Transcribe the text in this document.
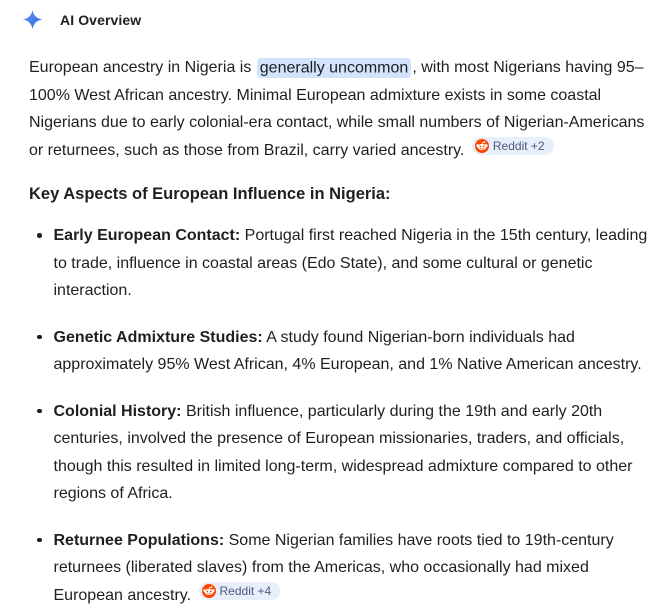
AI Overview

European ancestry in Nigeria is generally uncommon , with most Nigerians having 95–100% West African ancestry. Minimal European admixture exists in some coastal Nigerians due to early colonial-era contact, while small numbers of Nigerian-Americans or returnees, such as those from Brazil, carry varied ancestry. Reddit +2

Key Aspects of European Influence in Nigeria:
Early European Contact: Portugal first reached Nigeria in the 15th century, leading to trade, influence in coastal areas (Edo State), and some cultural or genetic interaction.
Genetic Admixture Studies: A study found Nigerian-born individuals had approximately 95% West African, 4% European, and 1% Native American ancestry.
Colonial History: British influence, particularly during the 19th and early 20th centuries, involved the presence of European missionaries, traders, and officials, though this resulted in limited long-term, widespread admixture compared to other regions of Africa.
Returnee Populations: Some Nigerian families have roots tied to 19th-century returnees (liberated slaves) from the Americas, who occasionally had mixed European ancestry. Reddit +4
